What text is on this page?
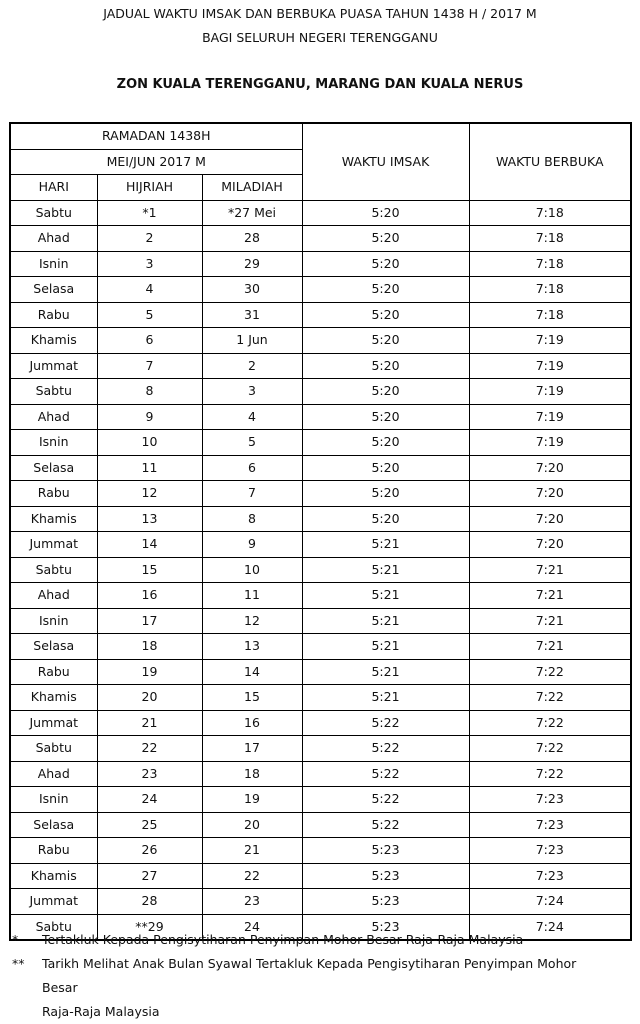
JADUAL WAKTU IMSAK DAN BERBUKA PUASA TAHUN 1438 H / 2017 M
BAGI SELURUH NEGERI TERENGGANU
ZON KUALA TERENGGANU, MARANG DAN KUALA NERUS
RAMADAN 1438H			WAKTU IMSAK	WAKTU BERBUKA
MEI/JUN 2017 M				
HARI	HIJRIAH	MILADIAH		
Sabtu	*1	*27 Mei	5:20	7:18
Ahad	2	28	5:20	7:18
Isnin	3	29	5:20	7:18
Selasa	4	30	5:20	7:18
Rabu	5	31	5:20	7:18
Khamis	6	1 Jun	5:20	7:19
Jummat	7	2	5:20	7:19
Sabtu	8	3	5:20	7:19
Ahad	9	4	5:20	7:19
Isnin	10	5	5:20	7:19
Selasa	11	6	5:20	7:20
Rabu	12	7	5:20	7:20
Khamis	13	8	5:20	7:20
Jummat	14	9	5:21	7:20
Sabtu	15	10	5:21	7:21
Ahad	16	11	5:21	7:21
Isnin	17	12	5:21	7:21
Selasa	18	13	5:21	7:21
Rabu	19	14	5:21	7:22
Khamis	20	15	5:21	7:22
Jummat	21	16	5:22	7:22
Sabtu	22	17	5:22	7:22
Ahad	23	18	5:22	7:22
Isnin	24	19	5:22	7:23
Selasa	25	20	5:22	7:23
Rabu	26	21	5:23	7:23
Khamis	27	22	5:23	7:23
Jummat	28	23	5:23	7:24
Sabtu	**29	24	5:23	7:24
*	Tertakluk Kepada Pengisytiharan Penyimpan Mohor Besar Raja-Raja Malaysia
**	Tarikh Melihat Anak Bulan Syawal Tertakluk Kepada Pengisytiharan Penyimpan Mohor Besar
Raja-Raja Malaysia
